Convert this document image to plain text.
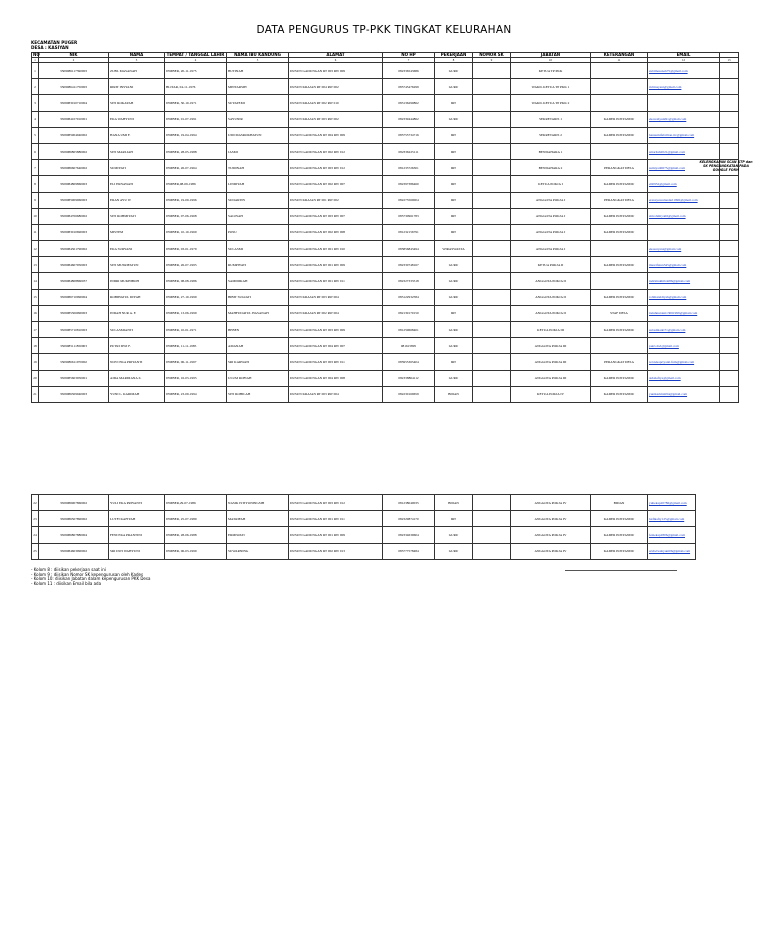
DATA PENGURUS TP-PKK TINGKAT KELURAHAN
KECAMATAN PUGER
DESA : KASIYAN
NO	NIK	NAMA	TEMPAT / TANGGAL LAHIR	NAMA IBU KANDUNG	ALAMAT	NO HP	PEKERJAAN	NOMOR SK	JABATAN	KETERANGAN	EMAIL	
1	2	3	4	5	6	7	8	9	10	11	12	13
1	3509086117590003	ZUBI. MASANAH	JEMBER, 20-11-1975	BUTINAH	DUSUN GADUNGAN RT 003 RW 009	082336543686	GURU		KETUA TP PKK		zubimasanah75@gmail.com	
2	3509086411750003	RIRIT INSYANI	BLITAR, 04-11-1976	MINTARSIH	DUSUN KRAJAN RT 004 RW 002	085745476299	GURU		WAKIL KETUA TP PKK 1		riritinsyani@gmail.com	
3	3509083010710004	SITI ROKAYAH	JEMBER, 30-10-1971	SUYATEMI	DUSUN KRAJAN RT 002 RW 010	083136290862	IRT		WAKIL KETUA TP PKK 2			
4	3509084107910001	EKA WAHYUNI	JEMBER, 01-07-1991	SAYUNIR	DUSUN KRAJAN RT 003 RW 002	082339444862	GURU		SEKRETARIS 1	KADER POSYANDU	ekawahyuni91@gmail.com	
5	3509085904940002	HANA UMI F.	JEMBER, 19-04-1994	UMI MASROKHATUN	DUSUN GADUNGAN RT 004 RW 009	085755734716	IRT		SEKRETARIS 2	KADER POSYANDU	hanaumifebrilian.tiv@gmail.com	
6	3509086805880002	SITI MARLIAH	JEMBER, 28-05-1988	JASMI	DUSUN GADUNGAN RT 002 RW 012	082336225111	IRT		BENDAHARA 1		smarliah2021@gmail.com	
7	3509086607640002	SUMIYATI	JEMBER, 26-07-1964	TUMINAH	DUSUN GADUNGAN RT 003 RW 012	081233726301	IRT		BENDAHARA 2	PERANGKAT DESA	sumiyati0675@gmail.com	
8	3509084809860003	ELI ERNAWATI	JEMBER,08-09-1986	LINDIYAH	DUSUN GADUNGAN RT 002 RW 007	082397386460	IRT		KETUA POKJA I	KADER POSYANDU	eli0932@gmail.com	
9	3509085909960003	ERAN AYU W	JEMBER, 19-09-1996	SUDARTIN	DUSUN KRAJAN RT 001 RW 002	082273560004	IRT		ANGGOTA POKJA I	PERANGKAT DESA	eranayuwulandari1996@gmail.com	
10	3509084706680002	SITI ROHMIYATI	JEMBER, 07-06-1968	SALINAH	DUSUN GADUNGAN RT 003 RW 007	085730961783	IRT		ANGGOTA POKJA I	KADER POSYANDU	sitirohmiyati6@gmail.com	
11	3509083010690003	MISTEM	JEMBER, 10-10-1969	POSU	DUSUN GADUNGAN RT 002 RW 008	081232156791	IRT		ANGGOTA POKJA I	KADER POSYANDU		
12	3509084301790002	EKA SURYANI	JEMBER, 03-01-1979	SULASMI	DUSUN GADUNGAN RT 001 RW 010	085856843494	WIRASWASTA		ANGGOTA POKJA I		ekasuryani@gmail.com	
13	3509084607950003	SITI MUSRIFATUN	JEMBER, 26-07-1995	RUMPIYATI	DUSUN GADUNGAN RT 001 RW 009	082330748167	GURU		KETUA POKJA II	KADER POSYANDU	musrifatun345@gmail.com	
14	3509084808860037	INDRI MUKHIBOH	JEMBER, 08-08-1986	SAMIDIKAH	DUSUN GADUNGAN RT 001 RW 011	082327333518	GURU		ANGGOTA POKJA II		indrimukhiboh86@gmail.com	
15	3509086710990004	ROBIHATUL DIYAH	JEMBER, 27-10-1999	BIBIT SUGIATI	DUSUN KRAJAN RT 003 RW 004	083122932584	GURU		ANGGOTA POKJA II	KADER POSYANDU	robihatuldiyah@gmail.com	
16	3509085306990003	INDAH NUR A. F.	JEMBER, 13-06-1999	MAHFUDATUL HASANAH	DUSUN KRAJAN RT 002 RW 004	082139170150	IRT		ANGGOTA POKJA II	STAF DESA	indahnuraini13061999@gmail.com	
17	3509085710810003	SULASMIANTI	JEMBER, 10-01-1971	BEBEN	DUSUN GADUNGAN RT 003 RW 009	081259668401	GURU		KETUA POKJA III	KADER POSYANDU	sulasmianti71@gmail.com	
18	3509085111850003	PUTRI DWI F.	JEMBER, 11-11-1985	AMANAH	DUSUN GADUNGAN RT 004 RW 007	081615895	GURU		ANGGOTA POKJA III		putri.dwi@gmail.com	
19	3509086611970002	NOVI EKA PRIYANTI	JEMBER, 06-11-1997	SRI KARWATI	DUSUN GADUNGAN RT 003 RW 011	085955365404	IRT		ANGGOTA POKJA III	PERANGKAT DESA	noviekapriyanti.fnm@gmail.com	
20	3509085603950001	AIDA MARDIANA Z.	JEMBER, 16-03-1995	ULUM ROFIAH	DUSUN GADUNGAN RT 004 RW 008	082338864112	GURU		ANGGOTA POKJA III	KADER POSYANDU	aidahafiya@gmail.com	
21	3509086309940003	YUNI L. KARIMAH	JEMBER, 23-09-1994	SITI ROHILAH	DUSUN KRAJAN RT 003 RW 004	082230169659	BIDAN		KETUA POKJA IV	KADER POSYANDU	yunikarimah94@gmail.com	
22	3509086907860002	YULI EKA PRIYANTI	JEMBER,29-07-1986	NASIK ISTIYONINGSIH	DUSUN GADUNGAN RT 003 RW 012	081238040035	BIDAN		ANGGOTA POKJA IV	BIDAN	yuliekap20786@gmail.com
23	3509086507890002	LUTFI KAFIYAH	JEMBER, 25-07-1989	MASRIFAH	DUSUN GADUNGAN RT 001 RW 011	082329874170	IRT		ANGGOTA POKJA IV	KADER POSYANDU	lutfikafiy125@gmail.com
24	3509086807880004	FENI EKA PRANTINI	JEMBER, 28-06-1988	ERMIWATI	DUSUN GADUNGAN RT 001 RW 009	082334639604	GURU		ANGGOTA POKJA IV	KADER POSYANDU	feniekap2806@gmail.com
25	3509084603990002	SRI DWI WAHYUNI	JEMBER, 06-03-1999	SUWARNING	DUSUN GADUNGAN RT 002 RW 013	085777578484	GURU		ANGGOTA POKJA IV	KADER POSYANDU	sridwiwahyuni06@gmail.com
KELENGKAPAN SCAN KTP dan SK PENGANGKATAN PADA GOOGLE FORM
- Kolom 8 : diisikan pekerjaan saat ini
- Kolom 9 : diisikan Nomor SK kepengurusan oleh Kades
- Kolom 10: diisikan Jabatan dalam kepengurusan PKK Desa
- Kolom 11 : diisikan Email bila ada
